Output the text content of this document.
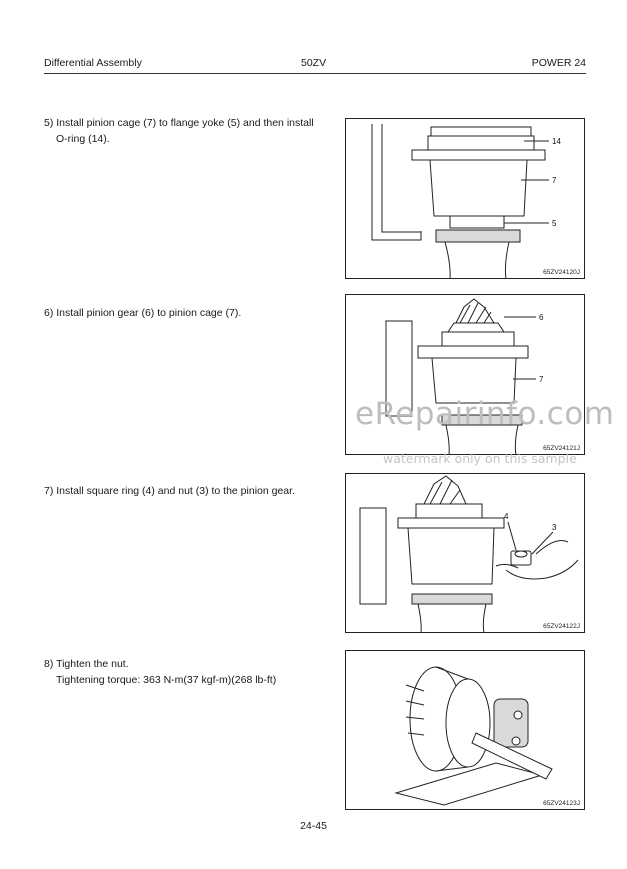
Differential Assembly	50ZV	POWER 24
5) Install pinion cage (7) to flange yoke (5) and then install
O-ring (14).	14
7
5
65ZV24120J
6) Install pinion gear (6) to pinion cage (7).	6
7
65ZV24121J
7) Install square ring (4) and nut (3) to the pinion gear.
4
3
65ZV24122J
8) Tighten the nut.
Tightening torque: 363 N-m(37 kgf-m)(268 lb-ft)
65ZV24123J
eRepairinfo.com
watermark only on this sample
24-45
